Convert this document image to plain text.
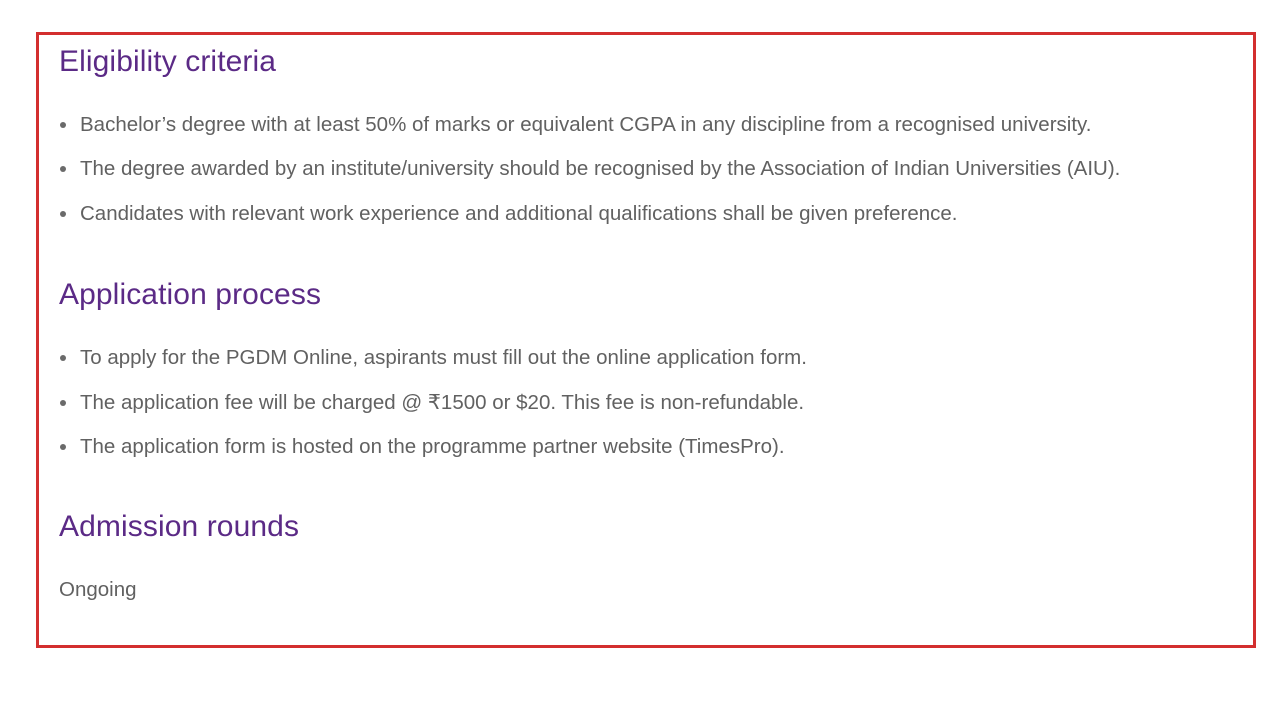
Eligibility criteria
Bachelor’s degree with at least 50% of marks or equivalent CGPA in any discipline from a recognised university.
The degree awarded by an institute/university should be recognised by the Association of Indian Universities (AIU).
Candidates with relevant work experience and additional qualifications shall be given preference.
Application process
To apply for the PGDM Online, aspirants must fill out the online application form.
The application fee will be charged @ ₹1500 or $20. This fee is non-refundable.
The application form is hosted on the programme partner website (TimesPro).
Admission rounds

Ongoing
